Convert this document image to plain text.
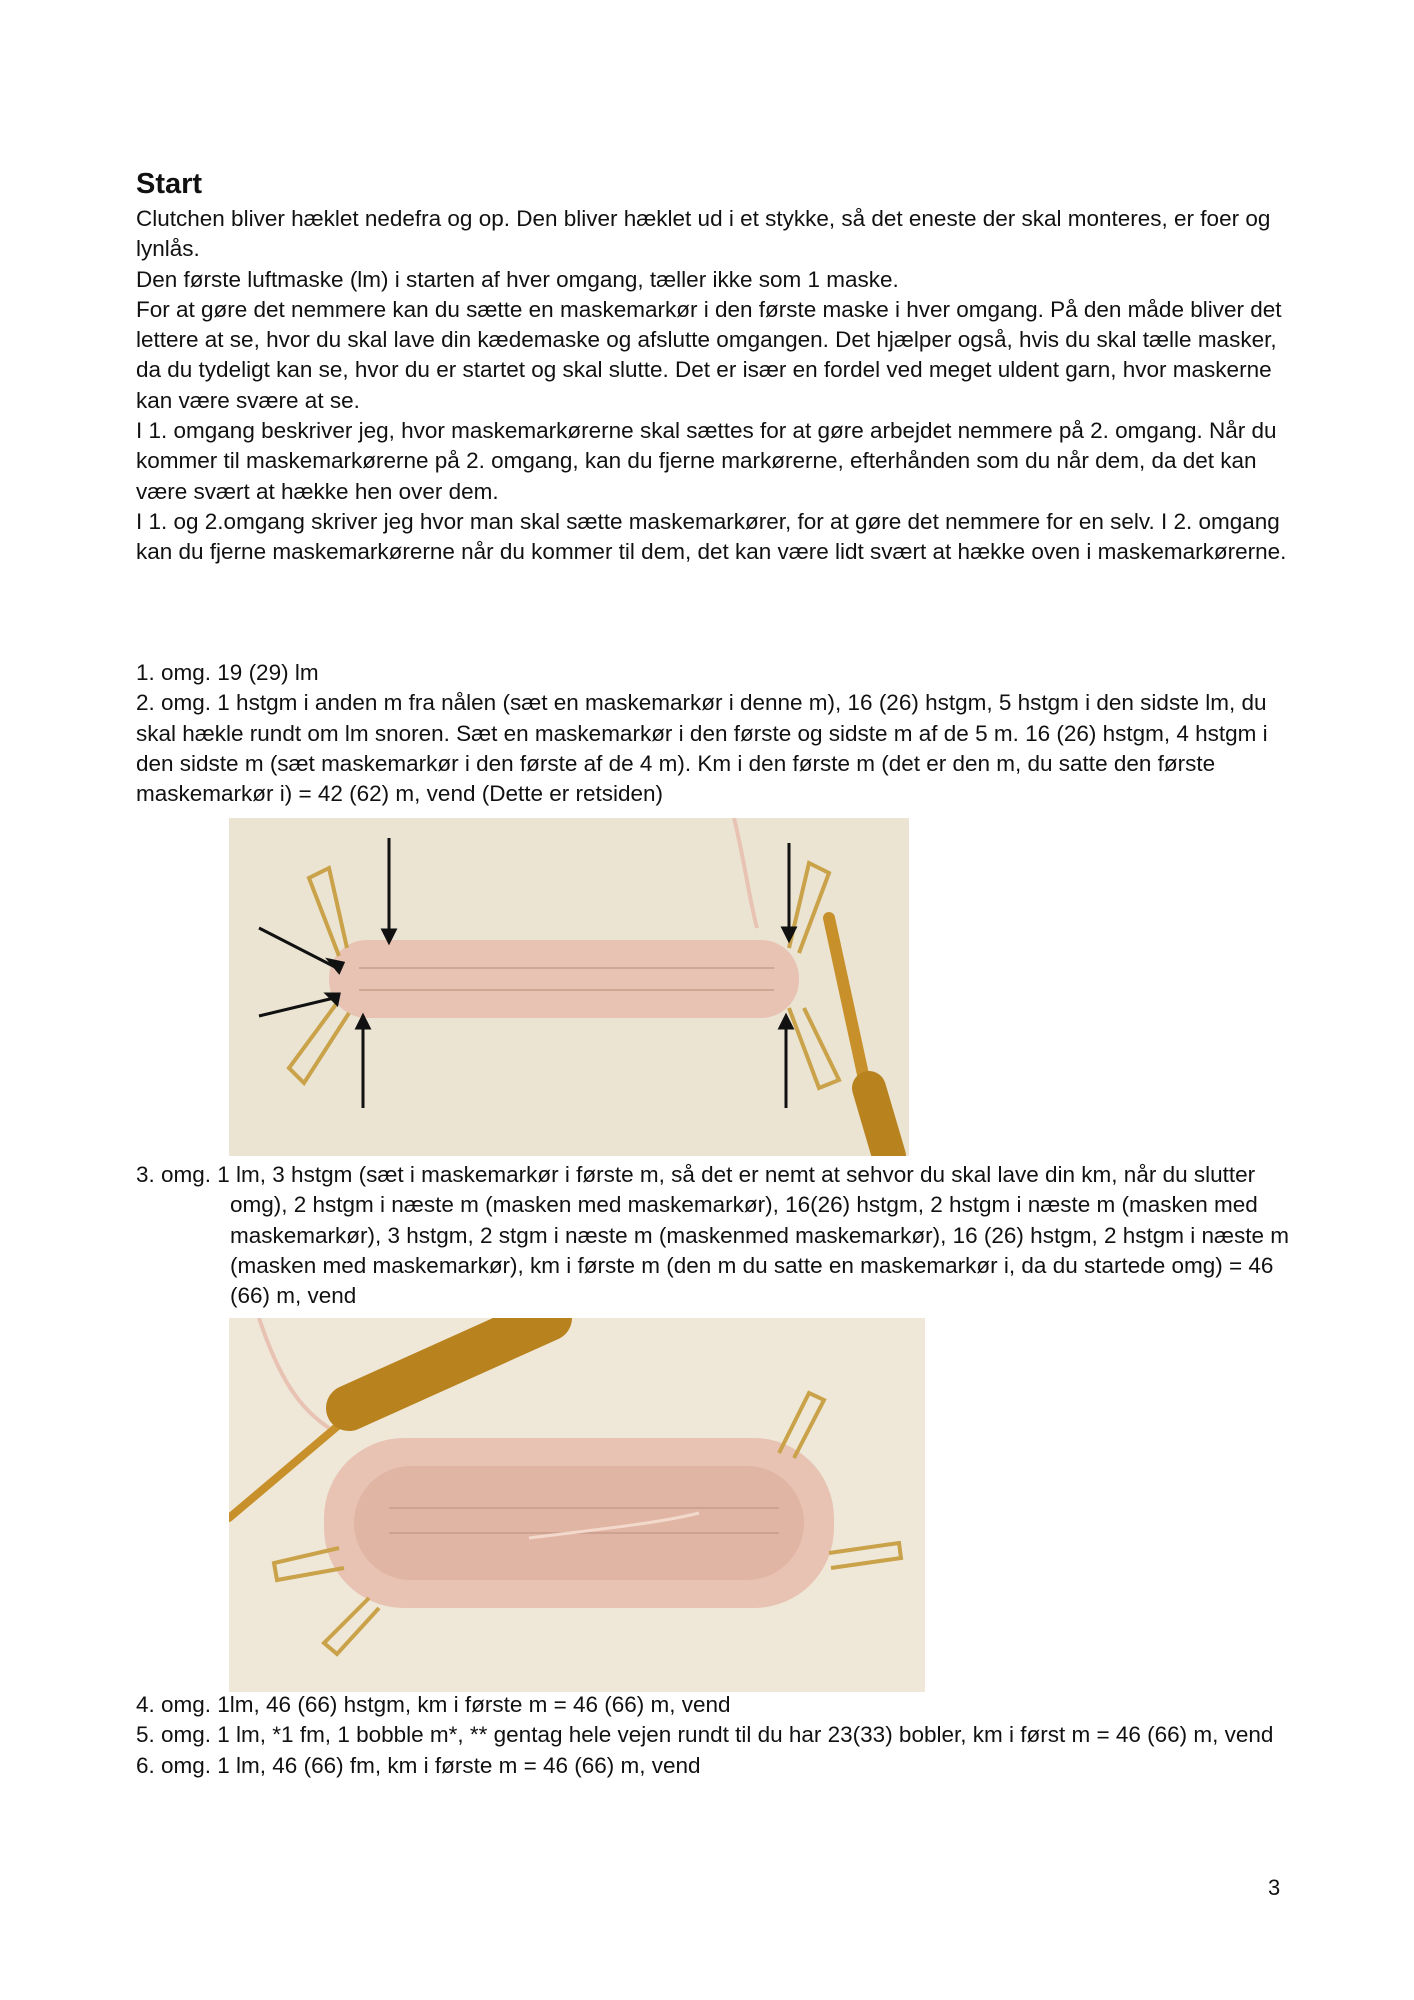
Start

Clutchen bliver hæklet nedefra og op. Den bliver hæklet ud i et stykke, så det eneste der skal monteres, er foer og lynlås.

Den første luftmaske (lm) i starten af hver omgang, tæller ikke som 1 maske.

For at gøre det nemmere kan du sætte en maskemarkør i den første maske i hver omgang. På den måde bliver det lettere at se, hvor du skal lave din kædemaske og afslutte omgangen. Det hjælper også, hvis du skal tælle masker, da du tydeligt kan se, hvor du er startet og skal slutte. Det er især en fordel ved meget uldent garn, hvor maskerne kan være svære at se.

I 1. omgang beskriver jeg, hvor maskemarkørerne skal sættes for at gøre arbejdet nemmere på 2. omgang. Når du kommer til maskemarkørerne på 2. omgang, kan du fjerne markørerne, efterhånden som du når dem, da det kan være svært at hække hen over dem.

I 1. og 2.omgang skriver jeg hvor man skal sætte maskemarkører, for at gøre det nemmere for en selv. I 2. omgang kan du fjerne maskemarkørerne når du kommer til dem, det kan være lidt svært at hække oven i maskemarkørerne.

1. omg. 19 (29) lm

2. omg. 1 hstgm i anden m fra nålen (sæt en maskemarkør i denne m), 16 (26) hstgm, 5 hstgm i den sidste lm, du skal hækle rundt om lm snoren. Sæt en maskemarkør i den første og sidste m af de 5 m. 16 (26) hstgm, 4 hstgm i den sidste m (sæt maskemarkør i den første af de 4 m). Km i den første m (det er den m, du satte den første maskemarkør i) = 42 (62) m, vend (Dette er retsiden)

3. omg. 1 lm, 3 hstgm (sæt i maskemarkør i første m, så det er nemt at sehvor du skal lave din km, når du slutter omg), 2 hstgm i næste m (masken med maskemarkør), 16(26) hstgm, 2 hstgm i næste m (masken med maskemarkør), 3 hstgm, 2 stgm i næste m (maskenmed maskemarkør), 16 (26) hstgm, 2 hstgm i næste m (masken med maskemarkør), km i første m (den m du satte en maskemarkør i, da du startede omg) = 46 (66) m, vend

4. omg. 1lm, 46 (66) hstgm, km i første m = 46 (66) m, vend

5. omg. 1 lm, *1 fm, 1 bobble m*, ** gentag hele vejen rundt til du har 23(33) bobler, km i først m = 46 (66) m, vend

6. omg. 1 lm, 46 (66) fm, km i første m = 46 (66) m, vend

3
